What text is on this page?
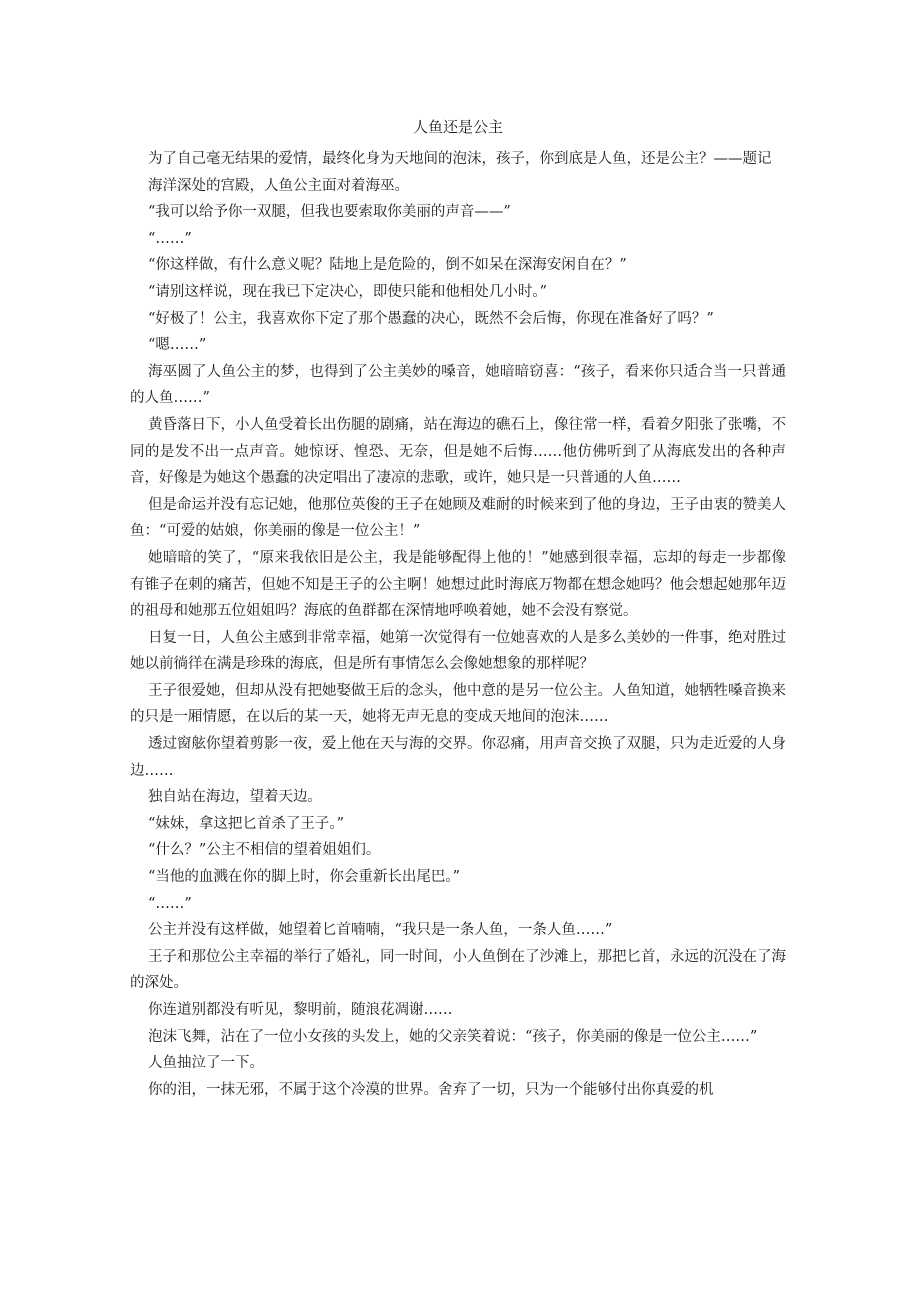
人鱼还是公主

为了自己毫无结果的爱情，最终化身为天地间的泡沫，孩子，你到底是人鱼，还是公主？——题记

海洋深处的宫殿，人鱼公主面对着海巫。

“我可以给予你一双腿，但我也要索取你美丽的声音——”

“……”

“你这样做，有什么意义呢？陆地上是危险的，倒不如呆在深海安闲自在？”

“请别这样说，现在我已下定决心，即使只能和他相处几小时。”

“好极了！公主，我喜欢你下定了那个愚蠢的决心，既然不会后悔，你现在准备好了吗？”

“嗯……”

海巫圆了人鱼公主的梦，也得到了公主美妙的嗓音，她暗暗窃喜：“孩子，看来你只适合当一只普通的人鱼……”

黄昏落日下，小人鱼受着长出伤腿的剧痛，站在海边的礁石上，像往常一样，看着夕阳张了张嘴，不同的是发不出一点声音。她惊讶、惶恐、无奈，但是她不后悔……他仿佛听到了从海底发出的各种声音，好像是为她这个愚蠢的决定唱出了凄凉的悲歌，或许，她只是一只普通的人鱼……

但是命运并没有忘记她，他那位英俊的王子在她顾及难耐的时候来到了他的身边，王子由衷的赞美人鱼：“可爱的姑娘，你美丽的像是一位公主！”

她暗暗的笑了，“原来我依旧是公主，我是能够配得上他的！”她感到很幸福，忘却的每走一步都像有锥子在刺的痛苦，但她不知是王子的公主啊！她想过此时海底万物都在想念她吗？他会想起她那年迈的祖母和她那五位姐姐吗？海底的鱼群都在深情地呼唤着她，她不会没有察觉。

日复一日，人鱼公主感到非常幸福，她第一次觉得有一位她喜欢的人是多么美妙的一件事，绝对胜过她以前徜徉在满是珍珠的海底，但是所有事情怎么会像她想象的那样呢？

王子很爱她，但却从没有把她娶做王后的念头，他中意的是另一位公主。人鱼知道，她牺牲嗓音换来的只是一厢情愿，在以后的某一天，她将无声无息的变成天地间的泡沫……

透过窗舷你望着剪影一夜，爱上他在天与海的交界。你忍痛，用声音交换了双腿，只为走近爱的人身边……

独自站在海边，望着天边。

“妹妹，拿这把匕首杀了王子。”

“什么？”公主不相信的望着姐姐们。

“当他的血溅在你的脚上时，你会重新长出尾巴。”

“……”

公主并没有这样做，她望着匕首喃喃，“我只是一条人鱼，一条人鱼……”

王子和那位公主幸福的举行了婚礼，同一时间，小人鱼倒在了沙滩上，那把匕首，永远的沉没在了海的深处。

你连道别都没有听见，黎明前，随浪花凋谢……

泡沫飞舞，沾在了一位小女孩的头发上，她的父亲笑着说：“孩子，你美丽的像是一位公主……”

人鱼抽泣了一下。

你的泪，一抹无邪，不属于这个冷漠的世界。舍弃了一切，只为一个能够付出你真爱的机
